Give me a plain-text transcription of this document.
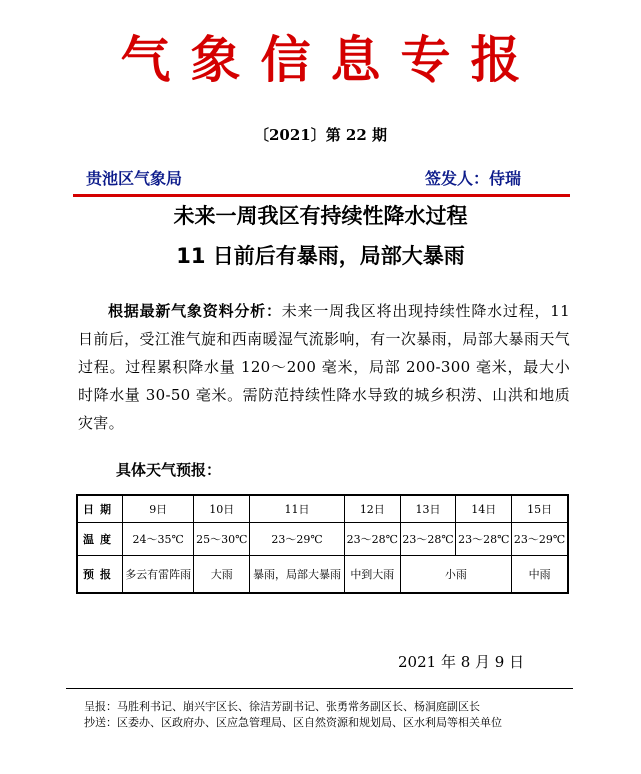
气象信息专报
〔2021〕第 22 期
贵池区气象局	签发人：侍瑞
未来一周我区有持续性降水过程
11 日前后有暴雨，局部大暴雨
根据最新气象资料分析：未来一周我区将出现持续性降水过程，11 日前后，受江淮气旋和西南暖湿气流影响，有一次暴雨，局部大暴雨天气过程。过程累积降水量 120～200 毫米，局部 200-300 毫米，最大小时降水量 30-50 毫米。需防范持续性降水导致的城乡积涝、山洪和地质灾害。
具体天气预报：
日期	9日	10日	11日	12日	13日	14日	15日
温度	24～35℃	25～30℃	23～29℃	23～28℃	23～28℃	23～28℃	23～29℃
预报	多云有雷阵雨	大雨	暴雨，局部大暴雨	中到大雨	小雨		中雨
2021 年 8 月 9 日
呈报：马胜利书记、崩兴宇区长、徐洁芳副书记、张勇常务副区长、杨洞庭副区长
抄送：区委办、区政府办、区应急管理局、区自然资源和规划局、区水利局等相关单位
